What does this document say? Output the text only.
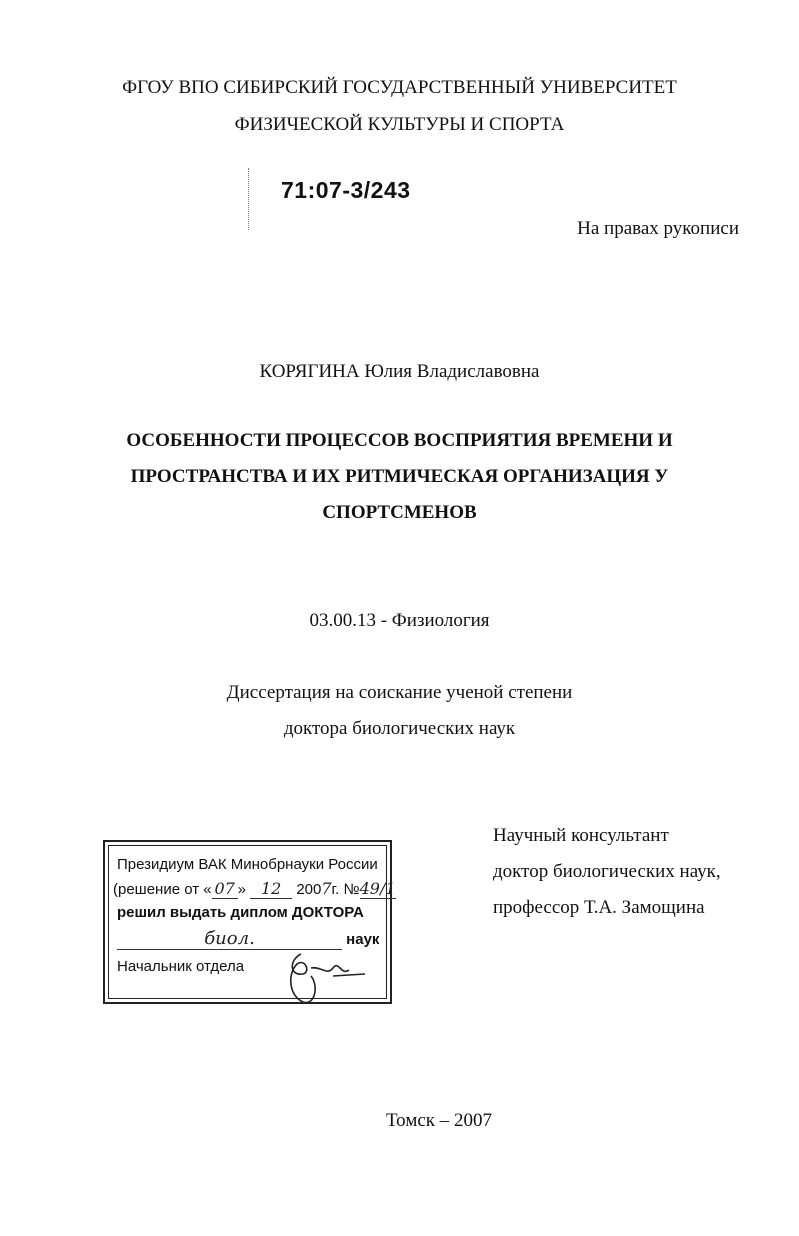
ФГОУ ВПО СИБИРСКИЙ ГОСУДАРСТВЕННЫЙ УНИВЕРСИТЕТ
ФИЗИЧЕСКОЙ КУЛЬТУРЫ И СПОРТА
71:07-3/243
На правах рукописи
КОРЯГИНА Юлия Владиславовна
ОСОБЕННОСТИ ПРОЦЕССОВ ВОСПРИЯТИЯ ВРЕМЕНИ И
ПРОСТРАНСТВА И ИХ РИТМИЧЕСКАЯ ОРГАНИЗАЦИЯ У
СПОРТСМЕНОВ
03.00.13 - Физиология
Диссертация на соискание ученой степени
доктора биологических наук
Научный консультант
доктор биологических наук,
профессор Т.А. Замощина
Президиум ВАК Минобрнауки России
(решение от « 07 » 12 2007г. №49/1
решил выдать диплом ДОКТОРА
биол.	наук
Начальник отдела
Томск – 2007
